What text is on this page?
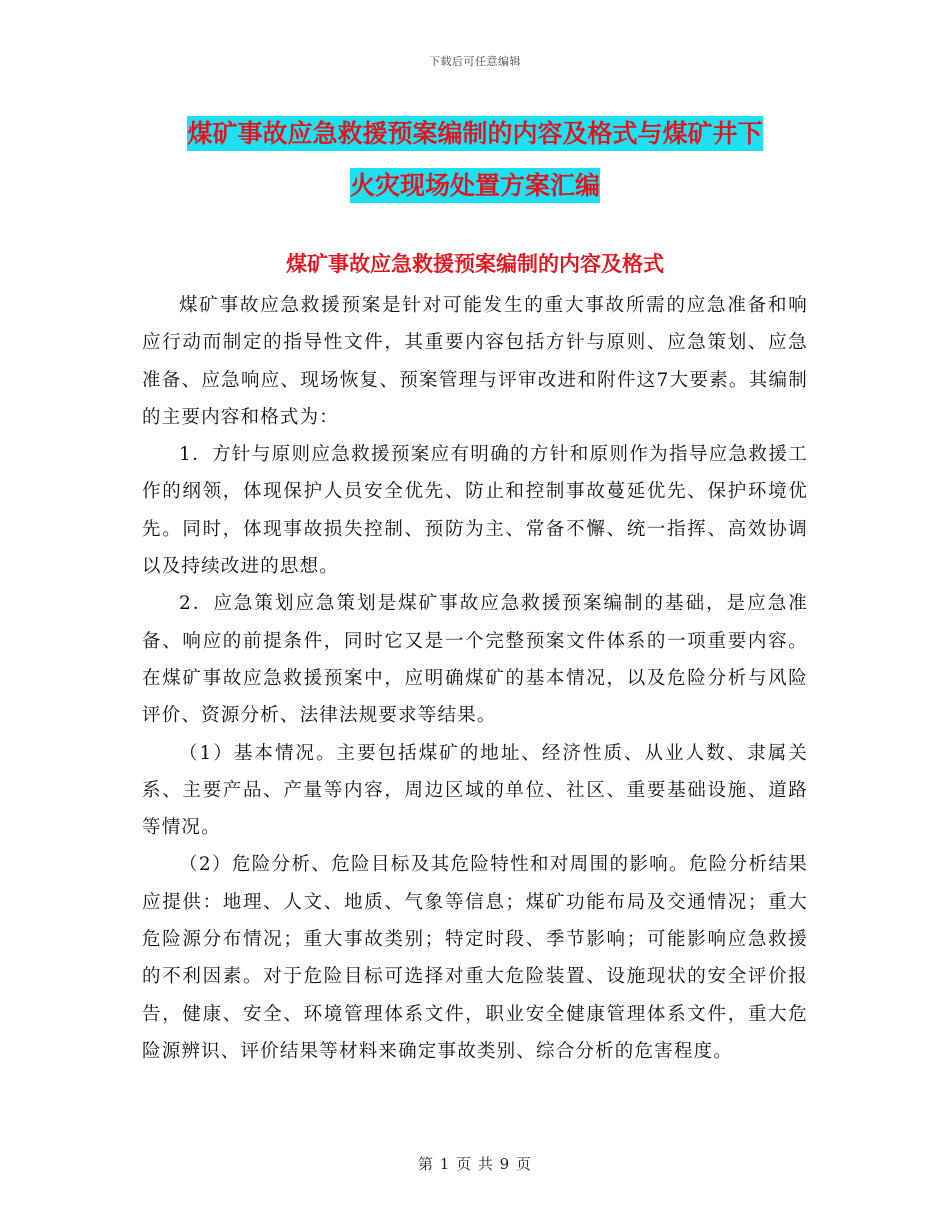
下载后可任意编辑
煤矿事故应急救援预案编制的内容及格式与煤矿井下
火灾现场处置方案汇编
煤矿事故应急救援预案编制的内容及格式

煤矿事故应急救援预案是针对可能发生的重大事故所需的应急准备和响应行动而制定的指导性文件，其重要内容包括方针与原则、应急策划、应急准备、应急响应、现场恢复、预案管理与评审改进和附件这7大要素。其编制的主要内容和格式为：

1．方针与原则应急救援预案应有明确的方针和原则作为指导应急救援工作的纲领，体现保护人员安全优先、防止和控制事故蔓延优先、保护环境优先。同时，体现事故损失控制、预防为主、常备不懈、统一指挥、高效协调以及持续改进的思想。

2．应急策划应急策划是煤矿事故应急救援预案编制的基础，是应急准备、响应的前提条件，同时它又是一个完整预案文件体系的一项重要内容。在煤矿事故应急救援预案中，应明确煤矿的基本情况，以及危险分析与风险评价、资源分析、法律法规要求等结果。

（1）基本情况。主要包括煤矿的地址、经济性质、从业人数、隶属关系、主要产品、产量等内容，周边区域的单位、社区、重要基础设施、道路等情况。

（2）危险分析、危险目标及其危险特性和对周围的影响。危险分析结果应提供：地理、人文、地质、气象等信息；煤矿功能布局及交通情况；重大危险源分布情况；重大事故类别；特定时段、季节影响；可能影响应急救援的不利因素。对于危险目标可选择对重大危险装置、设施现状的安全评价报告，健康、安全、环境管理体系文件，职业安全健康管理体系文件，重大危险源辨识、评价结果等材料来确定事故类别、综合分析的危害程度。

第 1 页 共 9 页
